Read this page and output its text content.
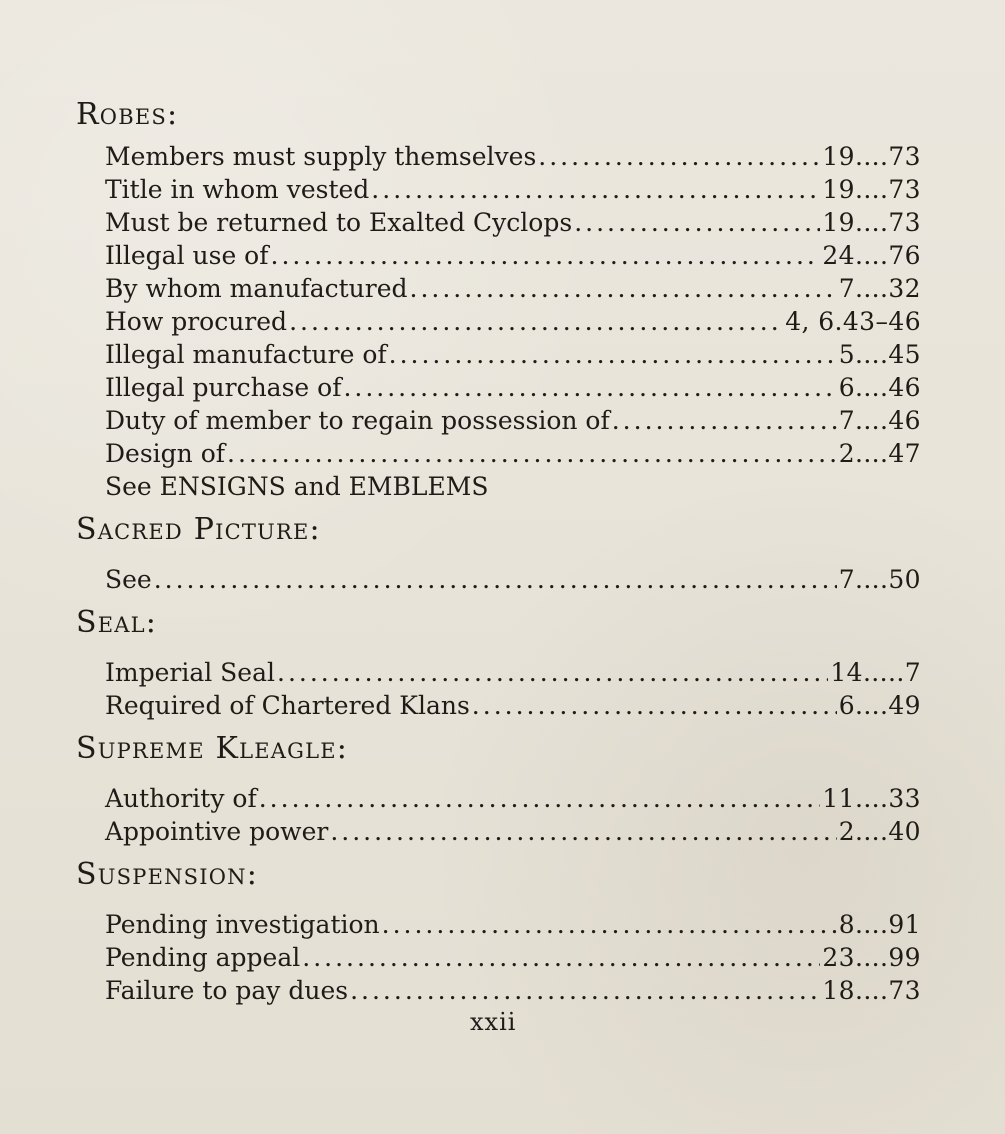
Robes:
Members must supply themselves .....	19....73
Title in whom vested .....	19....73
Must be returned to Exalted Cyclops .....	19....73
Illegal use of .....	24....76
By whom manufactured .....	7....32
How procured .....	4, 6.43–46
Illegal manufacture of .....	5....45
Illegal purchase of .....	6....46
Duty of member to regain possession of .....	7....46
Design of .....	2....47
See ENSIGNS and EMBLEMS
Sacred Picture:
See .....	7....50
Seal:
Imperial Seal .....	14.....7
Required of Chartered Klans .....	6....49
Supreme Kleagle:
Authority of .....	11....33
Appointive power .....	2....40
Suspension:
Pending investigation .....	8....91
Pending appeal .....	23....99
Failure to pay dues .....	18....73
xxii
